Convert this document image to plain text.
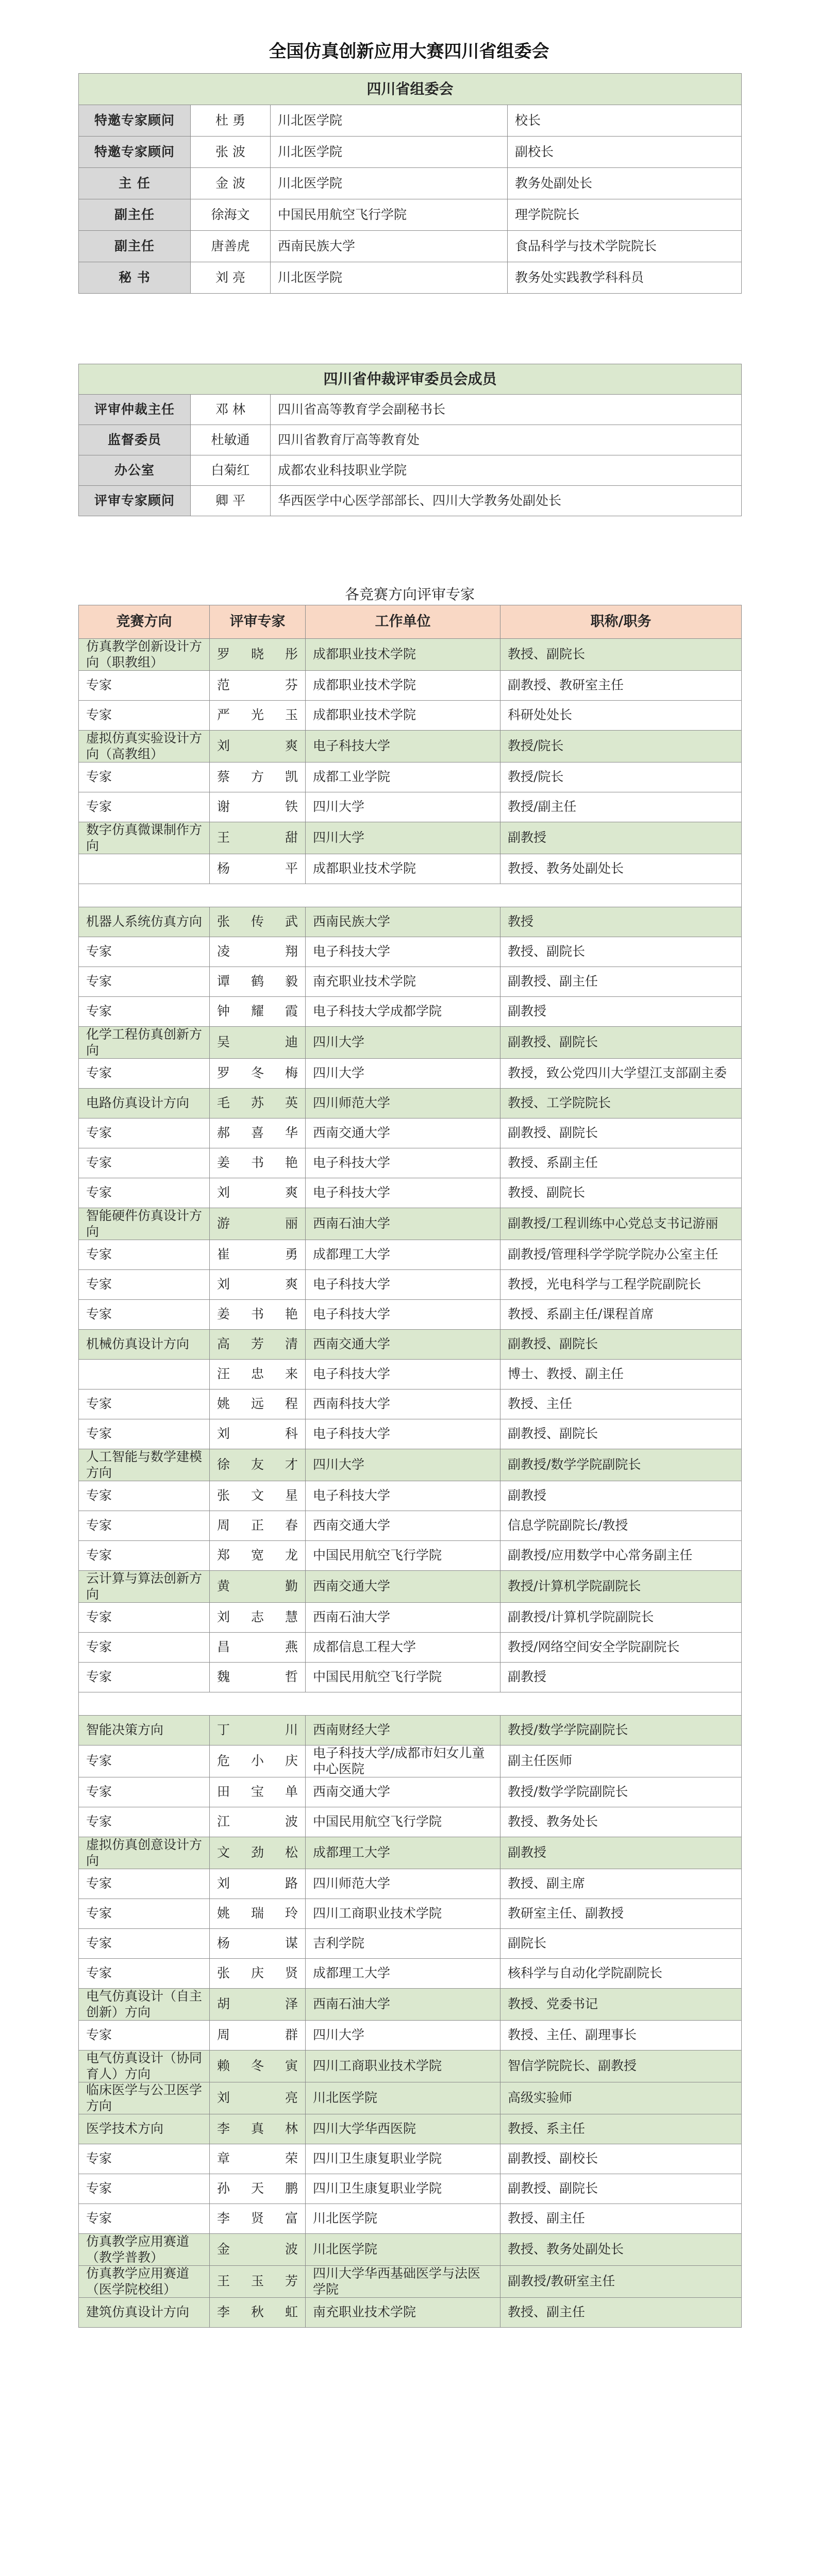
全国仿真创新应用大赛四川省组委会
四川省组委会			
特邀专家顾问	杜 勇	川北医学院	校长
特邀专家顾问	张 波	川北医学院	副校长
主 任	金 波	川北医学院	教务处副处长
副主任	徐海文	中国民用航空飞行学院	理学院院长
副主任	唐善虎	西南民族大学	食品科学与技术学院院长
秘 书	刘 亮	川北医学院	教务处实践教学科科员
四川省仲裁评审委员会成员		
评审仲裁主任	邓 林	四川省高等教育学会副秘书长
监督委员	杜敏通	四川省教育厅高等教育处
办公室	白菊红	成都农业科技职业学院
评审专家顾问	卿 平	华西医学中心医学部部长、四川大学教务处副处长
各竞赛方向评审专家
竞赛方向	评审专家	工作单位	职称/职务
仿真教学创新设计方向（职教组）	罗晓彤	成都职业技术学院	教授、副院长
专家	范 芬	成都职业技术学院	副教授、教研室主任
专家	严光玉	成都职业技术学院	科研处处长
虚拟仿真实验设计方向（高教组）	刘 爽	电子科技大学	教授/院长
专家	蔡方凯	成都工业学院	教授/院长
专家	谢 铁	四川大学	教授/副主任
数字仿真微课制作方向	王 甜	四川大学	副教授
	杨 平	成都职业技术学院	教授、教务处副处长

机器人系统仿真方向	张传武	西南民族大学	教授
专家	凌 翔	电子科技大学	教授、副院长
专家	谭鹤毅	南充职业技术学院	副教授、副主任
专家	钟耀霞	电子科技大学成都学院	副教授
化学工程仿真创新方向	吴 迪	四川大学	副教授、副院长
专家	罗冬梅	四川大学	教授，致公党四川大学望江支部副主委
电路仿真设计方向	毛苏英	四川师范大学	教授、工学院院长
专家	郝喜华	西南交通大学	副教授、副院长
专家	姜书艳	电子科技大学	教授、系副主任
专家	刘 爽	电子科技大学	教授、副院长
智能硬件仿真设计方向	游 丽	西南石油大学	副教授/工程训练中心党总支书记游丽
专家	崔 勇	成都理工大学	副教授/管理科学学院学院办公室主任
专家	刘 爽	电子科技大学	教授，光电科学与工程学院副院长
专家	姜书艳	电子科技大学	教授、系副主任/课程首席
机械仿真设计方向	高芳清	西南交通大学	副教授、副院长
	汪忠来	电子科技大学	博士、教授、副主任
专家	姚远程	西南科技大学	教授、主任
专家	刘 科	电子科技大学	副教授、副院长
人工智能与数学建模方向	徐友才	四川大学	副教授/数学学院副院长
专家	张文星	电子科技大学	副教授
专家	周正春	西南交通大学	信息学院副院长/教授
专家	郑宽龙	中国民用航空飞行学院	副教授/应用数学中心常务副主任
云计算与算法创新方向	黄 勤	西南交通大学	教授/计算机学院副院长
专家	刘志慧	西南石油大学	副教授/计算机学院副院长
专家	昌 燕	成都信息工程大学	教授/网络空间安全学院副院长
专家	魏 哲	中国民用航空飞行学院	副教授

智能决策方向	丁 川	西南财经大学	教授/数学学院副院长
专家	危小庆	电子科技大学/成都市妇女儿童中心医院	副主任医师
专家	田宝单	西南交通大学	教授/数学学院副院长
专家	江 波	中国民用航空飞行学院	教授、教务处长
虚拟仿真创意设计方向	文劲松	成都理工大学	副教授
专家	刘 路	四川师范大学	教授、副主席
专家	姚瑞玲	四川工商职业技术学院	教研室主任、副教授
专家	杨 谋	吉利学院	副院长
专家	张庆贤	成都理工大学	核科学与自动化学院副院长
电气仿真设计（自主创新）方向	胡 泽	西南石油大学	教授、党委书记
专家	周 群	四川大学	教授、主任、副理事长
电气仿真设计（协同育人）方向	赖冬寅	四川工商职业技术学院	智信学院院长、副教授
临床医学与公卫医学方向	刘 亮	川北医学院	高级实验师
医学技术方向	李真林	四川大学华西医院	教授、系主任
专家	章 荣	四川卫生康复职业学院	副教授、副校长
专家	孙天鹏	四川卫生康复职业学院	副教授、副院长
专家	李贤富	川北医学院	教授、副主任
仿真教学应用赛道（教学普教）	金 波	川北医学院	教授、教务处副处长
仿真教学应用赛道（医学院校组）	王玉芳	四川大学华西基础医学与法医学院	副教授/教研室主任
建筑仿真设计方向	李秋虹	南充职业技术学院	教授、副主任
